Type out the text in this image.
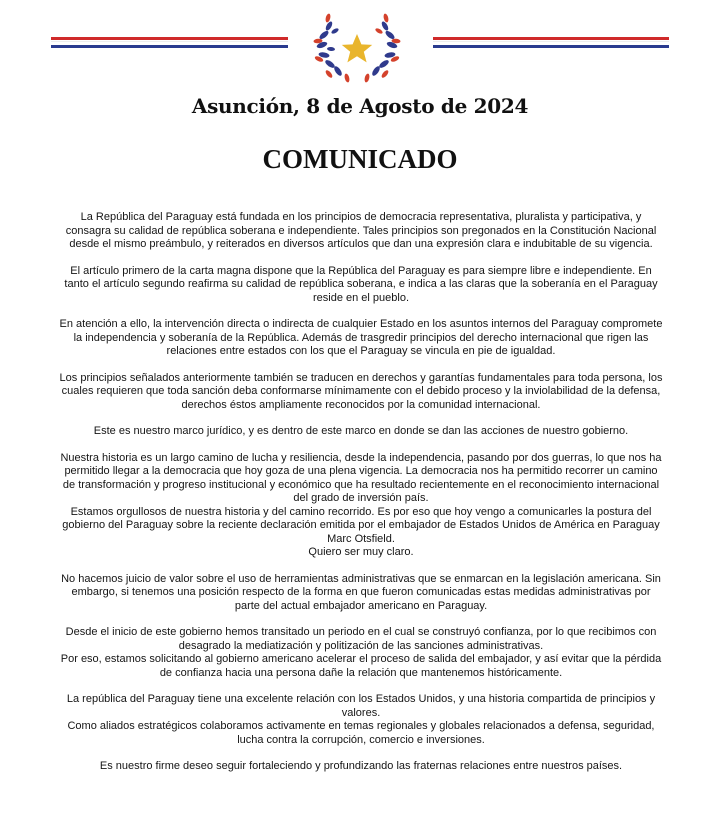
Asunción, 8 de Agosto de 2024
COMUNICADO

La República del Paraguay está fundada en los principios de democracia representativa, pluralista y participativa, y consagra su calidad de república soberana e independiente. Tales principios son pregonados en la Constitución Nacional desde el mismo preámbulo, y reiterados en diversos artículos que dan una expresión clara e indubitable de su vigencia.

El artículo primero de la carta magna dispone que la República del Paraguay es para siempre libre e independiente. En tanto el artículo segundo reafirma su calidad de república soberana, e indica a las claras que la soberanía en el Paraguay reside en el pueblo.

En atención a ello, la intervención directa o indirecta de cualquier Estado en los asuntos internos del Paraguay compromete la independencia y soberanía de la República. Además de trasgredir principios del derecho internacional que rigen las relaciones entre estados con los que el Paraguay se vincula en pie de igualdad.

Los principios señalados anteriormente también se traducen en derechos y garantías fundamentales para toda persona, los cuales requieren que toda sanción deba conformarse mínimamente con el debido proceso y la inviolabilidad de la defensa, derechos éstos ampliamente reconocidos por la comunidad internacional.

Este es nuestro marco jurídico, y es dentro de este marco en donde se dan las acciones de nuestro gobierno.

Nuestra historia es un largo camino de lucha y resiliencia, desde la independencia, pasando por dos guerras, lo que nos ha permitido llegar a la democracia que hoy goza de una plena vigencia. La democracia nos ha permitido recorrer un camino de transformación y progreso institucional y económico que ha resultado recientemente en el reconocimiento internacional del grado de inversión país.

Estamos orgullosos de nuestra historia y del camino recorrido. Es por eso que hoy vengo a comunicarles la postura del gobierno del Paraguay sobre la reciente declaración emitida por el embajador de Estados Unidos de América en Paraguay Marc Otsfield.

Quiero ser muy claro.

No hacemos juicio de valor sobre el uso de herramientas administrativas que se enmarcan en la legislación americana. Sin embargo, si tenemos una posición respecto de la forma en que fueron comunicadas estas medidas administrativas por parte del actual embajador americano en Paraguay.

Desde el inicio de este gobierno hemos transitado un periodo en el cual se construyó confianza, por lo que recibimos con desagrado la mediatización y politización de las sanciones administrativas.

Por eso, estamos solicitando al gobierno americano acelerar el proceso de salida del embajador, y así evitar que la pérdida de confianza hacia una persona dañe la relación que mantenemos históricamente.

La república del Paraguay tiene una excelente relación con los Estados Unidos, y una historia compartida de principios y valores.

Como aliados estratégicos colaboramos activamente en temas regionales y globales relacionados a defensa, seguridad, lucha contra la corrupción, comercio e inversiones.

Es nuestro firme deseo seguir fortaleciendo y profundizando las fraternas relaciones entre nuestros países.
